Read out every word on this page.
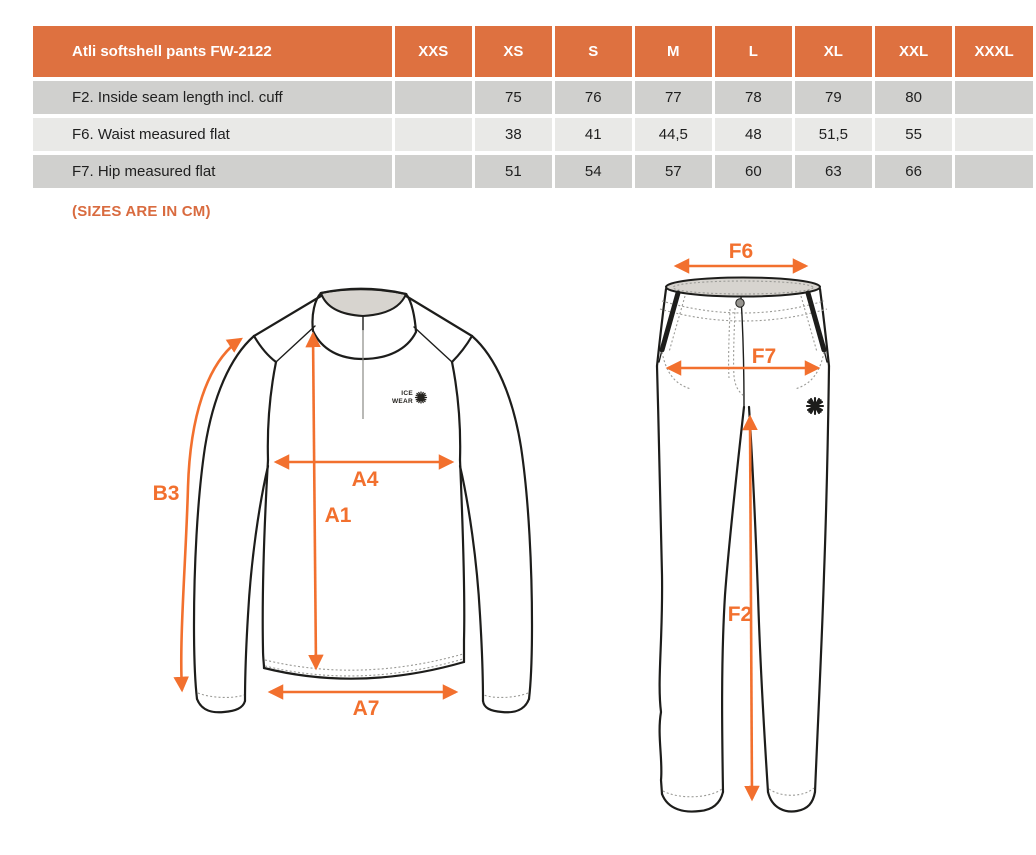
Atli softshell pants FW-2122	XXS	XS	S	M	L	XL	XXL	XXXL
F2. Inside seam length incl. cuff		75	76	77	78	79	80	
F6. Waist measured flat		38	41	44,5	48	51,5	55	
F7. Hip measured flat		51	54	57	60	63	66	
(SIZES ARE IN CM)
ICE
WEAR
B3
A4
A1
A7
F6
F7
F2
